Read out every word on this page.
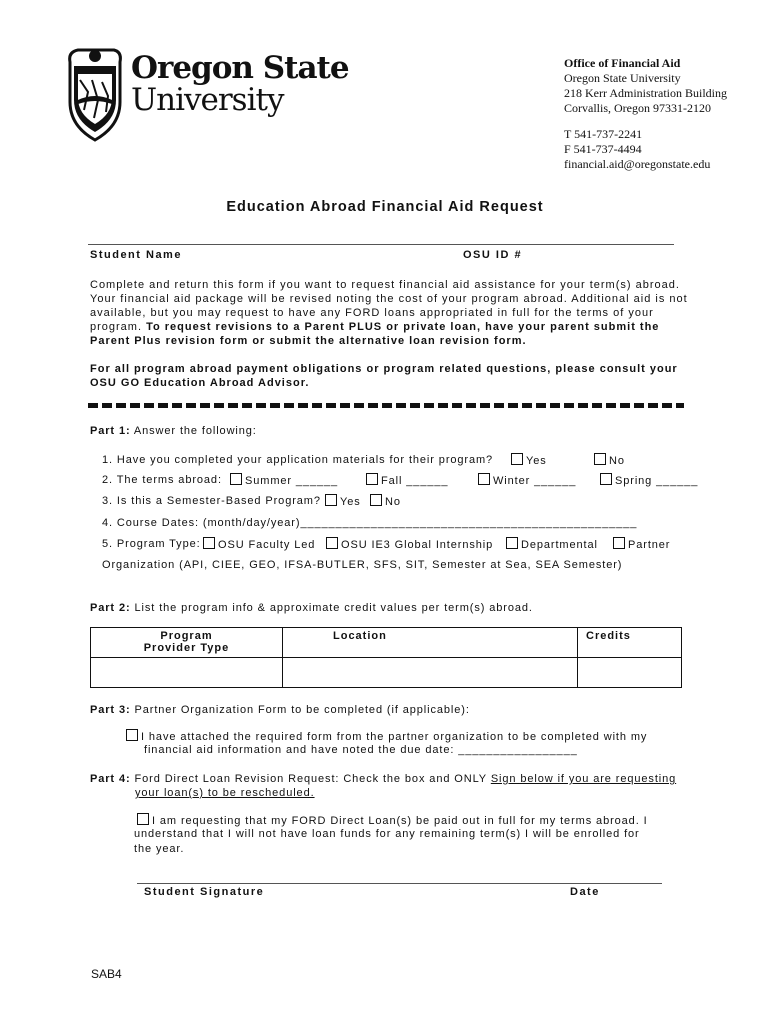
Oregon State
University
Office of Financial Aid
Oregon State University
218 Kerr Administration Building
Corvallis, Oregon 97331-2120
T 541-737-2241
F 541-737-4494
financial.aid@oregonstate.edu
Education Abroad Financial Aid Request
Student Name	OSU ID #
Complete and return this form if you want to request financial aid assistance for your term(s) abroad. Your financial aid package will be revised noting the cost of your program abroad. Additional aid is not available, but you may request to have any FORD loans appropriated in full for the terms of your program. To request revisions to a Parent PLUS or private loan, have your parent submit the Parent Plus revision form or submit the alternative loan revision form.
For all program abroad payment obligations or program related questions, please consult your OSU GO Education Abroad Advisor.
Part 1: Answer the following:
1. Have you completed your application materials for their program?	Yes	No
2. The terms abroad:	Summer ______	Fall ______	Winter ______	Spring ______
3. Is this a Semester-Based Program?	Yes	No
4. Course Dates: (month/day/year)________________________________________________
5. Program Type:	OSU Faculty Led	OSU IE3 Global Internship	Departmental	Partner
Organization (API, CIEE, GEO, IFSA-BUTLER, SFS, SIT, Semester at Sea, SEA Semester)
Part 2: List the program info & approximate credit values per term(s) abroad.
Program
Provider Type	Location	Credits

Part 3: Partner Organization Form to be completed (if applicable):
I have attached the required form from the partner organization to be completed with my
financial aid information and have noted the due date: _________________
Part 4: Ford Direct Loan Revision Request: Check the box and ONLY Sign below if you are requesting
your loan(s) to be rescheduled.
I am requesting that my FORD Direct Loan(s) be paid out in full for my terms abroad. I
understand that I will not have loan funds for any remaining term(s) I will be enrolled for
the year.
Student Signature	Date
SAB4
